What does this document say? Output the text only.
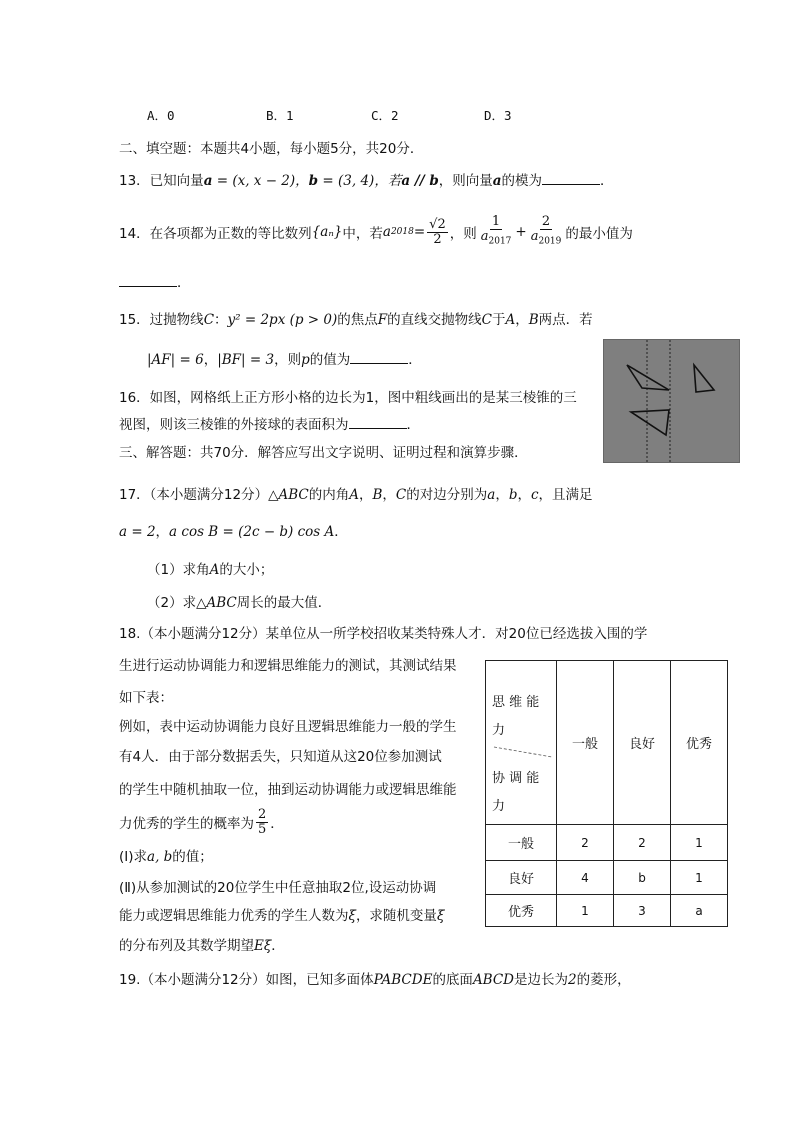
A．0	B．1	C．2	D．3
二、填空题：本题共4小题，每小题5分，共20分．
13．已知向量a = (x, x − 2)，b = (3, 4)，若a // b，则向量a的模为	．
14．在各项都为正数的等比数列 {aₙ} 中，若 a $2018 = \frac{√2}{2}$ ，则 $\frac{1}{a_{2017}} + \frac{2}{a_{2019}}$ 的最小值为
．
15．过抛物线C：y² = 2px (p > 0)的焦点F的直线交抛物线C于A，B两点．若
|AF| = 6，|BF| = 3，则p的值为	．
16．如图，网格纸上正方形小格的边长为1，图中粗线画出的是某三棱锥的三
视图，则该三棱锥的外接球的表面积为	．
三、解答题：共70分．解答应写出文字说明、证明过程和演算步骤．
17．（本小题满分12分）△ABC的内角A，B，C的对边分别为a，b，c，且满足
a = 2，a cos B = (2c − b) cos A．
（1）求角A的大小；
（2）求△ABC周长的最大值．
18.（本小题满分12分）某单位从一所学校招收某类特殊人才．对20位已经选拔入围的学
生进行运动协调能力和逻辑思维能力的测试，其测试结果
如下表：
例如，表中运动协调能力良好且逻辑思维能力一般的学生
有4人．由于部分数据丢失，只知道从这20位参加测试
的学生中随机抽取一位，抽到运动协调能力或逻辑思维能
力优秀的学生的概率为 $\frac{2}{5}$ ．
(Ⅰ)求a, b的值；
(Ⅱ)从参加测试的20位学生中任意抽取2位,设运动协调
能力或逻辑思维能力优秀的学生人数为ξ，求随机变量ξ
的分布列及其数学期望Eξ．
思 维 能
力
协 调 能
力	一般	良好	优秀
一般	2	2	1
良好	4	b	1
优秀	1	3	a
19.（本小题满分12分）如图，已知多面体PABCDE的底面ABCD是边长为2的菱形，
